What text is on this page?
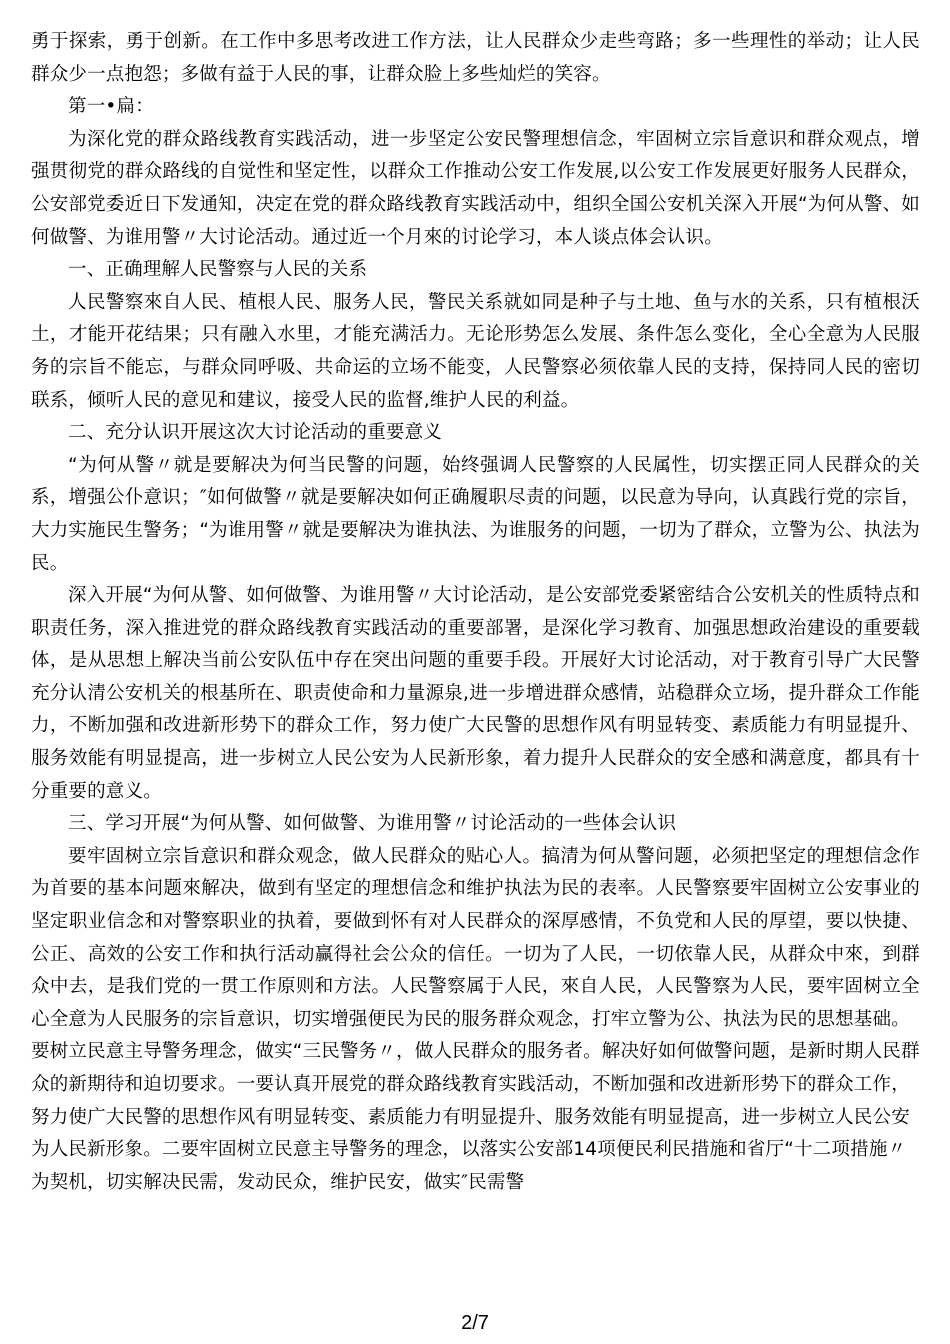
勇于探索，勇于创新。在工作中多思考改进工作方法，让人民群众少走些弯路；多一些理性的举动；让人民群众少一点抱怨；多做有益于人民的事，让群众脸上多些灿烂的笑容。

第一•扁：

为深化党的群众路线教育实践活动，进一步坚定公安民警理想信念，牢固树立宗旨意识和群众观点，增强贯彻党的群众路线的自觉性和坚定性，以群众工作推动公安工作发展,以公安工作发展更好服务人民群众，公安部党委近日下发通知，决定在党的群众路线教育实践活动中，组织全国公安机关深入开展“为何从警、如何做警、为谁用警〃大讨论活动。通过近一个月來的讨论学习，本人谈点体会认识。

一、正确理解人民警察与人民的关系

人民警察來自人民、植根人民、服务人民，警民关系就如同是种子与土地、鱼与水的关系，只有植根沃土，才能开花结果；只有融入水里，才能充满活力。无论形势怎么发展、条件怎么变化，全心全意为人民服务的宗旨不能忘，与群众同呼吸、共命运的立场不能变，人民警察必须依靠人民的支持，保持同人民的密切联系，倾听人民的意见和建议，接受人民的监督,维护人民的利益。

二、充分认识开展这次大讨论活动的重要意义

“为何从警〃就是要解决为何当民警的问题，始终强调人民警察的人民属性，切实摆正同人民群众的关系，增强公仆意识；″如何做警〃就是要解决如何正确履职尽责的问题，以民意为导向，认真践行党的宗旨，大力实施民生警务；“为谁用警〃就是要解决为谁执法、为谁服务的问题，一切为了群众，立警为公、执法为民。

深入开展“为何从警、如何做警、为谁用警〃大讨论活动，是公安部党委紧密结合公安机关的性质特点和职责任务，深入推进党的群众路线教育实践活动的重要部署，是深化学习教育、加强思想政治建设的重要载体，是从思想上解决当前公安队伍中存在突出问题的重要手段。开展好大讨论活动，对于教育引导广大民警充分认清公安机关的根基所在、职责使命和力量源泉,进一步增进群众感情，站稳群众立场，提升群众工作能力，不断加强和改进新形势下的群众工作，努力使广大民警的思想作风有明显转变、素质能力有明显提升、服务效能有明显提高，进一步树立人民公安为人民新形象，着力提升人民群众的安全感和满意度，都具有十分重要的意义。

三、学习开展“为何从警、如何做警、为谁用警〃讨论活动的一些体会认识

要牢固树立宗旨意识和群众观念，做人民群众的贴心人。搞清为何从警问题，必须把坚定的理想信念作为首要的基本问题來解决，做到有坚定的理想信念和维护执法为民的表率。人民警察要牢固树立公安事业的坚定职业信念和对警察职业的执着，要做到怀有对人民群众的深厚感情，不负党和人民的厚望，要以快捷、公正、高效的公安工作和执行活动赢得社会公众的信任。一切为了人民，一切依靠人民，从群众中來，到群众中去，是我们党的一贯工作原则和方法。人民警察属于人民，來自人民，人民警察为人民，要牢固树立全心全意为人民服务的宗旨意识，切实增强便民为民的服务群众观念，打牢立警为公、执法为民的思想基础。

要树立民意主导警务理念，做实“三民警务〃，做人民群众的服务者。解决好如何做警问题，是新时期人民群众的新期待和迫切要求。一要认真开展党的群众路线教育实践活动，不断加强和改进新形势下的群众工作，努力使广大民警的思想作风有明显转变、素质能力有明显提升、服务效能有明显提高，进一步树立人民公安为人民新形象。二要牢固树立民意主导警务的理念，以落实公安部14项便民利民措施和省厅“十二项措施〃为契机，切实解决民需，发动民众，维护民安，做实″民需警

2/7
